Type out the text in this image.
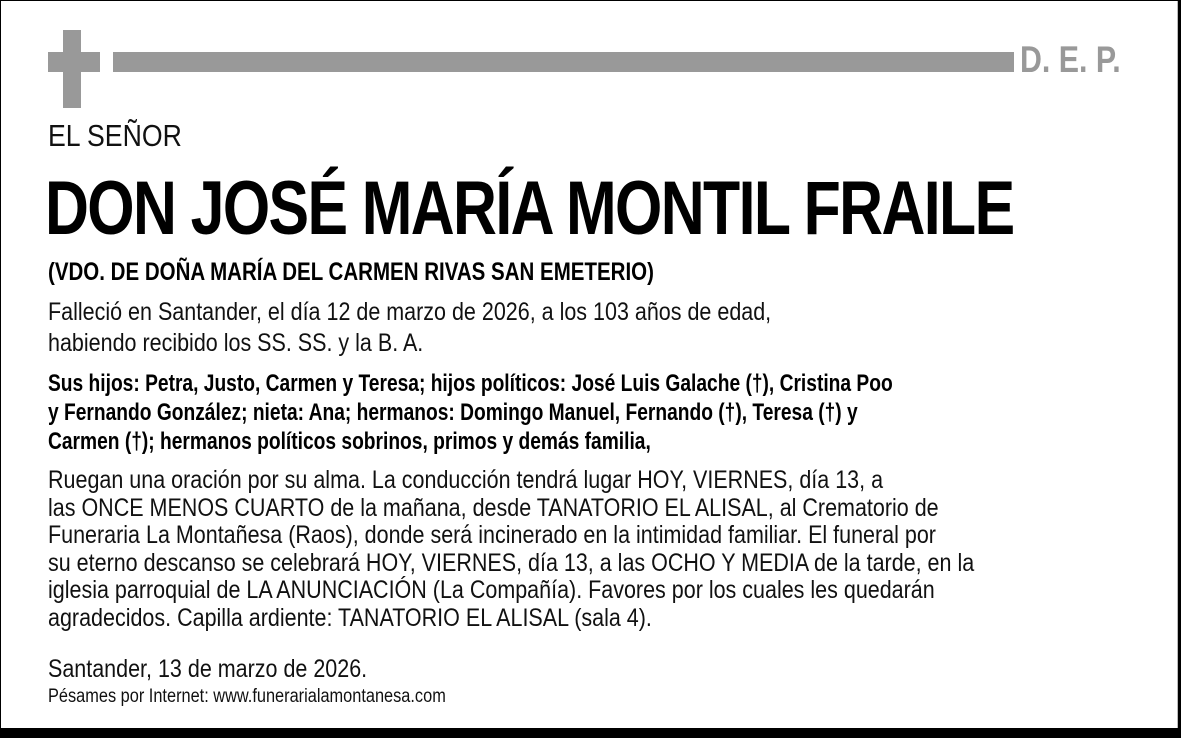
D. E. P.
EL SEÑOR
DON JOSÉ MARÍA MONTIL FRAILE
(VDO. DE DOÑA MARÍA DEL CARMEN RIVAS SAN EMETERIO)
Falleció en Santander, el día 12 de marzo de 2026, a los 103 años de edad,
habiendo recibido los SS. SS. y la B. A.
Sus hijos: Petra, Justo, Carmen y Teresa; hijos políticos: José Luis Galache (†), Cristina Poo
y Fernando González; nieta: Ana; hermanos: Domingo Manuel, Fernando (†), Teresa (†) y
Carmen (†); hermanos políticos sobrinos, primos y demás familia,
Ruegan una oración por su alma. La conducción tendrá lugar HOY, VIERNES, día 13, a
las ONCE MENOS CUARTO de la mañana, desde TANATORIO EL ALISAL, al Crematorio de
Funeraria La Montañesa (Raos), donde será incinerado en la intimidad familiar. El funeral por
su eterno descanso se celebrará HOY, VIERNES, día 13, a las OCHO Y MEDIA de la tarde, en la
iglesia parroquial de LA ANUNCIACIÓN (La Compañía). Favores por los cuales les quedarán
agradecidos. Capilla ardiente: TANATORIO EL ALISAL (sala 4).
Santander, 13 de marzo de 2026.
Pésames por Internet: www.funerarialamontanesa.com
